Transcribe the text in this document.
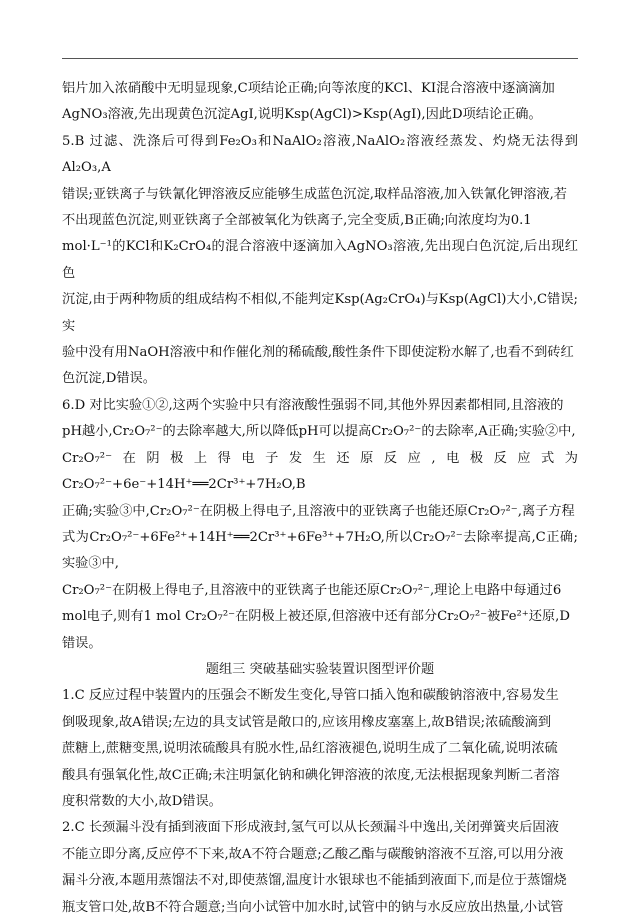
铝片加入浓硝酸中无明显现象,C项结论正确;向等浓度的KCl、KI混合溶液中逐滴滴加

AgNO₃溶液,先出现黄色沉淀AgI,说明Ksp(AgCl)>Ksp(AgI),因此D项结论正确。

5.B 过滤、洗涤后可得到Fe₂O₃和NaAlO₂溶液,NaAlO₂溶液经蒸发、灼烧无法得到Al₂O₃,A

错误;亚铁离子与铁氰化钾溶液反应能够生成蓝色沉淀,取样品溶液,加入铁氰化钾溶液,若

不出现蓝色沉淀,则亚铁离子全部被氧化为铁离子,完全变质,B正确;向浓度均为0.1

mol·L⁻¹的KCl和K₂CrO₄的混合溶液中逐滴加入AgNO₃溶液,先出现白色沉淀,后出现红色

沉淀,由于两种物质的组成结构不相似,不能判定Ksp(Ag₂CrO₄)与Ksp(AgCl)大小,C错误;实

验中没有用NaOH溶液中和作催化剂的稀硫酸,酸性条件下即使淀粉水解了,也看不到砖红

色沉淀,D错误。

6.D 对比实验①②,这两个实验中只有溶液酸性强弱不同,其他外界因素都相同,且溶液的

pH越小,Cr₂O₇²⁻的去除率越大,所以降低pH可以提高Cr₂O₇²⁻的去除率,A正确;实验②中,

Cr₂O₇²⁻在阴极上得电子发生还原反应,电极反应式为Cr₂O₇²⁻+6e⁻+14H⁺══2Cr³⁺+7H₂O,B

正确;实验③中,Cr₂O₇²⁻在阴极上得电子,且溶液中的亚铁离子也能还原Cr₂O₇²⁻,离子方程

式为Cr₂O₇²⁻+6Fe²⁺+14H⁺══2Cr³⁺+6Fe³⁺+7H₂O,所以Cr₂O₇²⁻去除率提高,C正确;实验③中,

Cr₂O₇²⁻在阴极上得电子,且溶液中的亚铁离子也能还原Cr₂O₇²⁻,理论上电路中每通过6

mol电子,则有1 mol Cr₂O₇²⁻在阴极上被还原,但溶液中还有部分Cr₂O₇²⁻被Fe²⁺还原,D

错误。

题组三 突破基础实验装置识图型评价题

1.C 反应过程中装置内的压强会不断发生变化,导管口插入饱和碳酸钠溶液中,容易发生

倒吸现象,故A错误;左边的具支试管是敞口的,应该用橡皮塞塞上,故B错误;浓硫酸滴到

蔗糖上,蔗糖变黑,说明浓硫酸具有脱水性,品红溶液褪色,说明生成了二氧化硫,说明浓硫

酸具有强氧化性,故C正确;未注明氯化钠和碘化钾溶液的浓度,无法根据现象判断二者溶

度积常数的大小,故D错误。

2.C 长颈漏斗没有插到液面下形成液封,氢气可以从长颈漏斗中逸出,关闭弹簧夹后固液

不能立即分离,反应停不下来,故A不符合题意;乙酸乙酯与碳酸钠溶液不互溶,可以用分液

漏斗分液,本题用蒸馏法不对,即使蒸馏,温度计水银球也不能插到液面下,而是位于蒸馏烧

瓶支管口处,故B不符合题意;当向小试管中加水时,试管中的钠与水反应放出热量,小试管
